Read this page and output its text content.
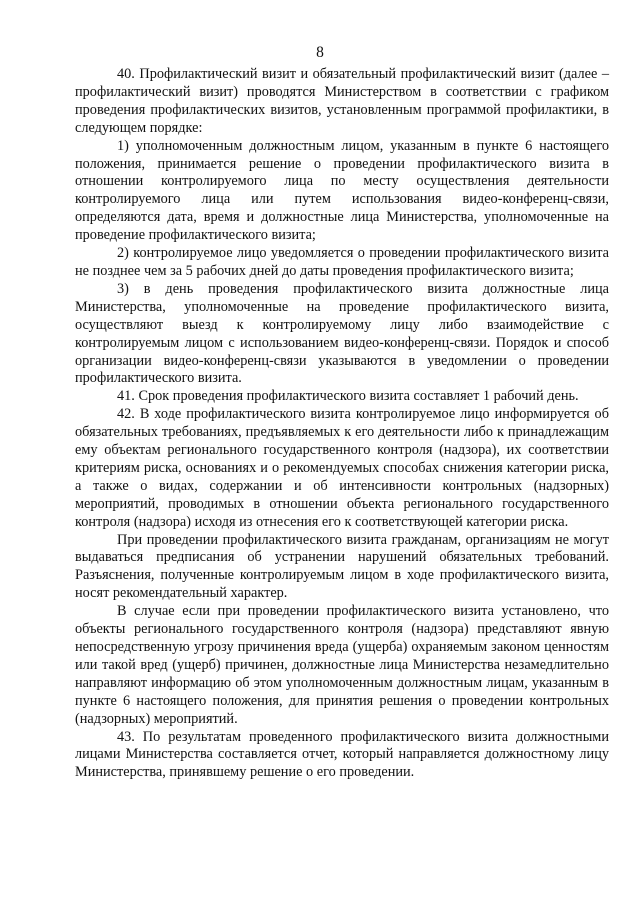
8

40. Профилактический визит и обязательный профилактический визит (далее – профилактический визит) проводятся Министерством в соответствии с графиком проведения профилактических визитов, установленным программой профилактики, в следующем порядке:

1) уполномоченным должностным лицом, указанным в пункте 6 настоящего положения, принимается решение о проведении профилактического визита в отношении контролируемого лица по месту осуществления деятельности контролируемого лица или путем использования видео-конференц-связи, определяются дата, время и должностные лица Министерства, уполномоченные на проведение профилактического визита;

2) контролируемое лицо уведомляется о проведении профилактического визита не позднее чем за 5 рабочих дней до даты проведения профилактического визита;

3) в день проведения профилактического визита должностные лица Министерства, уполномоченные на проведение профилактического визита, осуществляют выезд к контролируемому лицу либо взаимодействие с контролируемым лицом с использованием видео-конференц-связи. Порядок и способ организации видео-конференц-связи указываются в уведомлении о проведении профилактического визита.

41. Срок проведения профилактического визита составляет 1 рабочий день.

42. В ходе профилактического визита контролируемое лицо информируется об обязательных требованиях, предъявляемых к его деятельности либо к принадлежащим ему объектам регионального государственного контроля (надзора), их соответствии критериям риска, основаниях и о рекомендуемых способах снижения категории риска, а также о видах, содержании и об интенсивности контрольных (надзорных) мероприятий, проводимых в отношении объекта регионального государственного контроля (надзора) исходя из отнесения его к соответствующей категории риска.

При проведении профилактического визита гражданам, организациям не могут выдаваться предписания об устранении нарушений обязательных требований. Разъяснения, полученные контролируемым лицом в ходе профилактического визита, носят рекомендательный характер.

В случае если при проведении профилактического визита установлено, что объекты регионального государственного контроля (надзора) представляют явную непосредственную угрозу причинения вреда (ущерба) охраняемым законом ценностям или такой вред (ущерб) причинен, должностные лица Министерства незамедлительно направляют информацию об этом уполномоченным должностным лицам, указанным в пункте 6 настоящего положения, для принятия решения о проведении контрольных (надзорных) мероприятий.

43. По результатам проведенного профилактического визита должностными лицами Министерства составляется отчет, который направляется должностному лицу Министерства, принявшему решение о его проведении.
